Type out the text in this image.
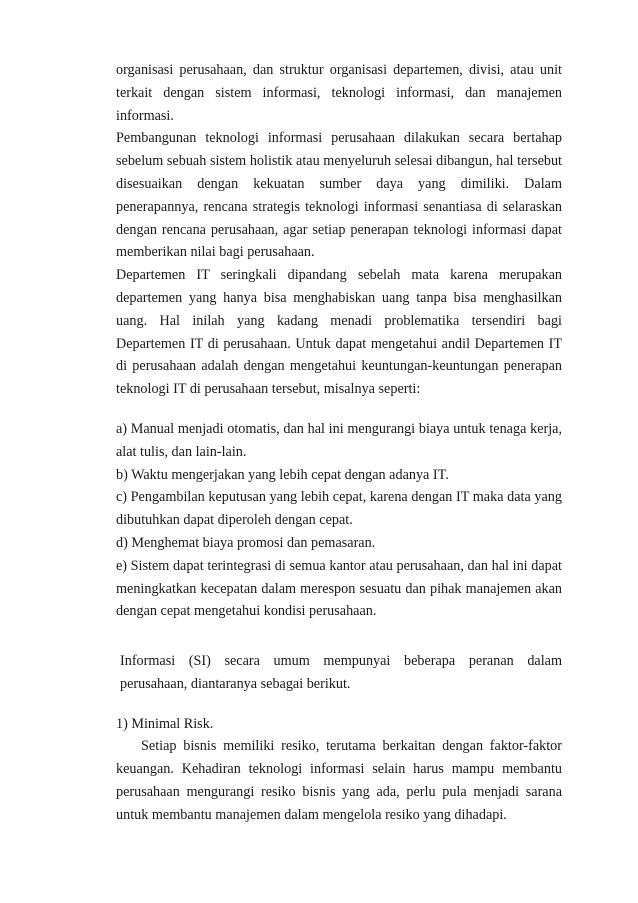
organisasi perusahaan, dan struktur organisasi departemen, divisi, atau unit terkait dengan sistem informasi, teknologi informasi, dan manajemen informasi.

Pembangunan teknologi informasi perusahaan dilakukan secara bertahap sebelum sebuah sistem holistik atau menyeluruh selesai dibangun, hal tersebut disesuaikan dengan kekuatan sumber daya yang dimiliki. Dalam penerapannya, rencana strategis teknologi informasi senantiasa di selaraskan dengan rencana perusahaan, agar setiap penerapan teknologi informasi dapat memberikan nilai bagi perusahaan.

Departemen IT seringkali dipandang sebelah mata karena merupakan departemen yang hanya bisa menghabiskan uang tanpa bisa menghasilkan uang. Hal inilah yang kadang menadi problematika tersendiri bagi Departemen IT di perusahaan. Untuk dapat mengetahui andil Departemen IT di perusahaan adalah dengan mengetahui keuntungan-keuntungan penerapan teknologi IT di perusahaan tersebut, misalnya seperti:

a) Manual menjadi otomatis, dan hal ini mengurangi biaya untuk tenaga kerja, alat tulis, dan lain-lain.

b) Waktu mengerjakan yang lebih cepat dengan adanya IT.

c) Pengambilan keputusan yang lebih cepat, karena dengan IT maka data yang dibutuhkan dapat diperoleh dengan cepat.

d) Menghemat biaya promosi dan pemasaran.

e) Sistem dapat terintegrasi di semua kantor atau perusahaan, dan hal ini dapat meningkatkan kecepatan dalam merespon sesuatu dan pihak manajemen akan dengan cepat mengetahui kondisi perusahaan.

Informasi (SI) secara umum mempunyai beberapa peranan dalam perusahaan, diantaranya sebagai berikut.

1) Minimal Risk.

Setiap bisnis memiliki resiko, terutama berkaitan dengan faktor-faktor keuangan. Kehadiran teknologi informasi selain harus mampu membantu perusahaan mengurangi resiko bisnis yang ada, perlu pula menjadi sarana untuk membantu manajemen dalam mengelola resiko yang dihadapi.
